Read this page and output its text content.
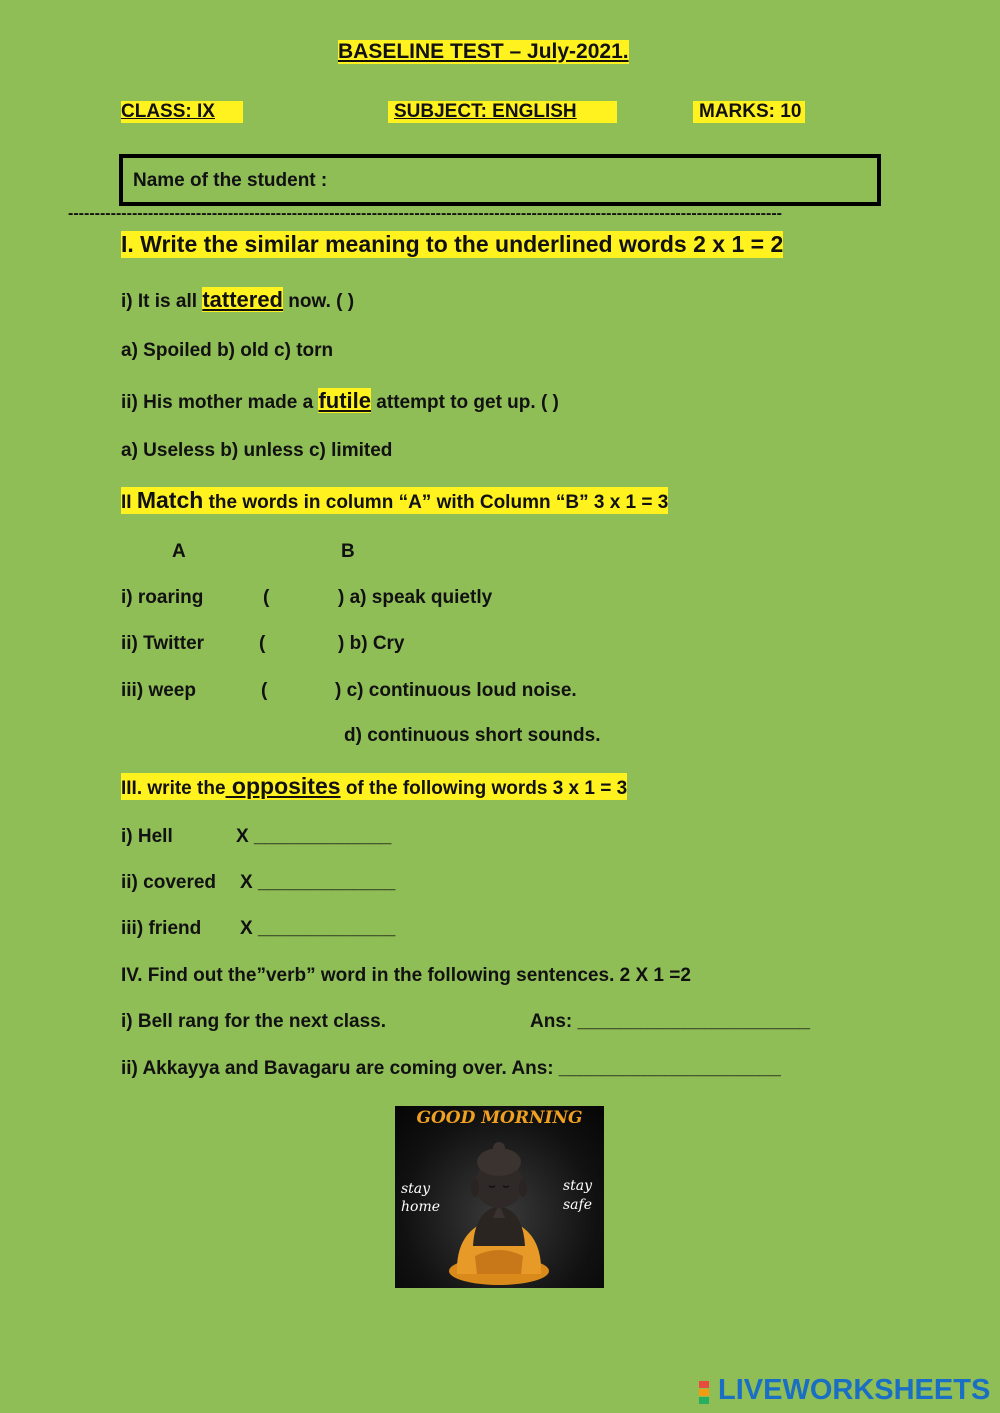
BASELINE TEST – July-2021.
CLASS: IX	SUBJECT: ENGLISH	MARKS: 10
Name of the student :
--------------------------------------------------------------------------------------------------------------------------------------
I. Write the similar meaning to the underlined words 2 x 1 = 2
i) It is all tattered now. ( )
a) Spoiled b) old c) torn
ii) His mother made a futile attempt to get up. ( )
a) Useless b) unless c) limited
II Match the words in column “A” with Column “B” 3 x 1 = 3
A	B
i) roaring	(	) a) speak quietly
ii) Twitter	(	) b) Cry
iii) weep	(	) c) continuous loud noise.
d) continuous short sounds.
III. write the opposites of the following words 3 x 1 = 3
i) Hell	X _____________
ii) covered X _____________
iii) friend X _____________
IV. Find out the”verb” word in the following sentences. 2 X 1 =2
i) Bell rang for the next class.	Ans: ______________________
ii) Akkayya and Bavagaru are coming over. Ans: _____________________
GOOD MORNING
stay
home
stay
safe
LIVEWORKSHEETS
